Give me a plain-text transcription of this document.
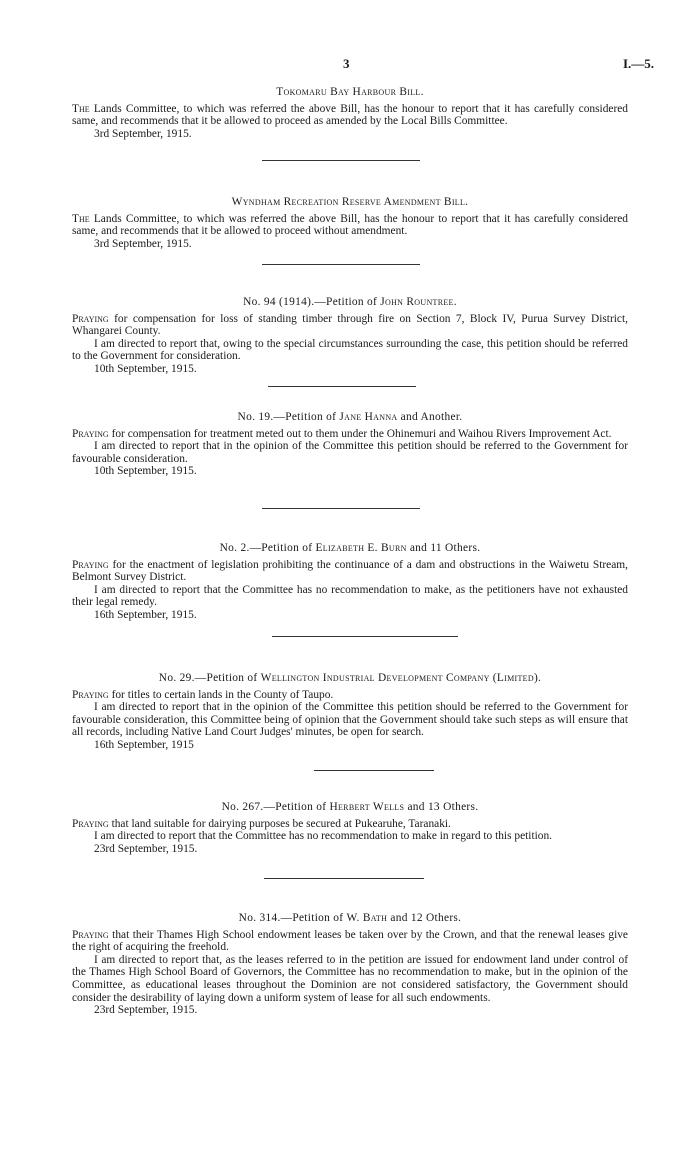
3	I.—5.
Tokomaru Bay Harbour Bill.

The Lands Committee, to which was referred the above Bill, has the honour to report that it has carefully considered same, and recommends that it be allowed to proceed as amended by the Local Bills Committee.

3rd September, 1915.
Wyndham Recreation Reserve Amendment Bill.

The Lands Committee, to which was referred the above Bill, has the honour to report that it has carefully considered same, and recommends that it be allowed to proceed without amendment.

3rd September, 1915.
No. 94 (1914).—Petition of John Rountree.

Praying for compensation for loss of standing timber through fire on Section 7, Block IV, Purua Survey District, Whangarei County.

I am directed to report that, owing to the special circumstances surrounding the case, this petition should be referred to the Government for consideration.

10th September, 1915.
No. 19.—Petition of Jane Hanna and Another.

Praying for compensation for treatment meted out to them under the Ohinemuri and Waihou Rivers Improvement Act.

I am directed to report that in the opinion of the Committee this petition should be referred to the Government for favourable consideration.

10th September, 1915.
No. 2.—Petition of Elizabeth E. Burn and 11 Others.

Praying for the enactment of legislation prohibiting the continuance of a dam and obstructions in the Waiwetu Stream, Belmont Survey District.

I am directed to report that the Committee has no recommendation to make, as the petitioners have not exhausted their legal remedy.

16th September, 1915.
No. 29.—Petition of Wellington Industrial Development Company (Limited).

Praying for titles to certain lands in the County of Taupo.

I am directed to report that in the opinion of the Committee this petition should be referred to the Government for favourable consideration, this Committee being of opinion that the Government should take such steps as will ensure that all records, including Native Land Court Judges' minutes, be open for search.

16th September, 1915
No. 267.—Petition of Herbert Wells and 13 Others.

Praying that land suitable for dairying purposes be secured at Pukearuhe, Taranaki.

I am directed to report that the Committee has no recommendation to make in regard to this petition.

23rd September, 1915.
No. 314.—Petition of W. Bath and 12 Others.

Praying that their Thames High School endowment leases be taken over by the Crown, and that the renewal leases give the right of acquiring the freehold.

I am directed to report that, as the leases referred to in the petition are issued for endowment land under control of the Thames High School Board of Governors, the Committee has no recommendation to make, but in the opinion of the Committee, as educational leases throughout the Dominion are not considered satisfactory, the Government should consider the desirability of laying down a uniform system of lease for all such endowments.

23rd September, 1915.
